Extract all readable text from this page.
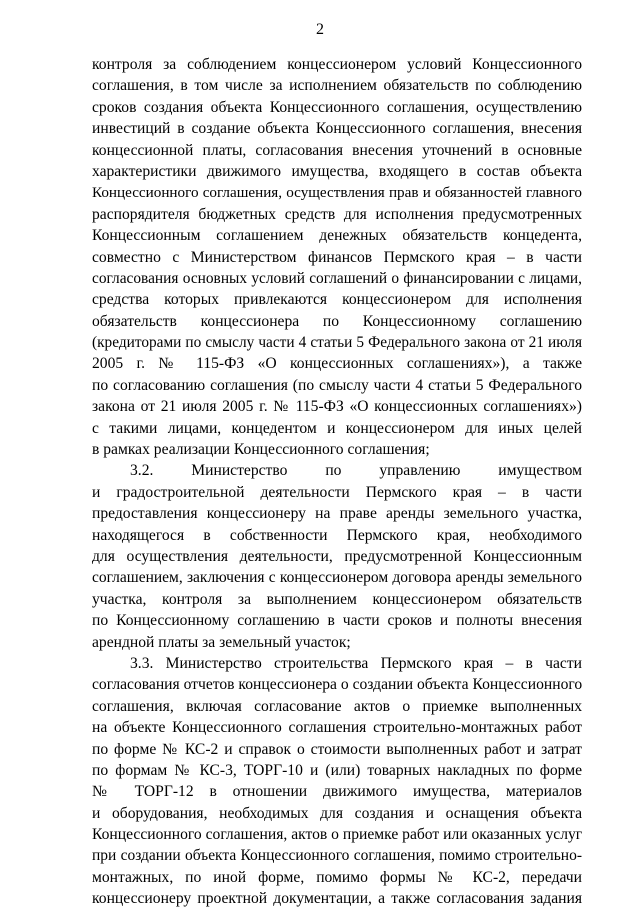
2
контроля за соблюдением концессионером условий Концессионного
соглашения, в том числе за исполнением обязательств по соблюдению
сроков создания объекта Концессионного соглашения, осуществлению
инвестиций в создание объекта Концессионного соглашения, внесения
концессионной платы, согласования внесения уточнений в основные
характеристики движимого имущества, входящего в состав объекта
Концессионного соглашения, осуществления прав и обязанностей главного
распорядителя бюджетных средств для исполнения предусмотренных
Концессионным соглашением денежных обязательств концедента,
совместно с Министерством финансов Пермского края – в части
согласования основных условий соглашений о финансировании с лицами,
средства которых привлекаются концессионером для исполнения
обязательств концессионера по Концессионному соглашению
(кредиторами по смыслу части 4 статьи 5 Федерального закона от 21 июля
2005 г. № 115-ФЗ «О концессионных соглашениях»), а также
по согласованию соглашения (по смыслу части 4 статьи 5 Федерального
закона от 21 июля 2005 г. № 115-ФЗ «О концессионных соглашениях»)
с такими лицами, концедентом и концессионером для иных целей
в рамках реализации Концессионного соглашения;
3.2. Министерство по управлению имуществом
и градостроительной деятельности Пермского края – в части
предоставления концессионеру на праве аренды земельного участка,
находящегося в собственности Пермского края, необходимого
для осуществления деятельности, предусмотренной Концессионным
соглашением, заключения с концессионером договора аренды земельного
участка, контроля за выполнением концессионером обязательств
по Концессионному соглашению в части сроков и полноты внесения
арендной платы за земельный участок;
3.3. Министерство строительства Пермского края – в части
согласования отчетов концессионера о создании объекта Концессионного
соглашения, включая согласование актов о приемке выполненных
на объекте Концессионного соглашения строительно-монтажных работ
по форме № КС-2 и справок о стоимости выполненных работ и затрат
по формам № КС-3, ТОРГ-10 и (или) товарных накладных по форме
№ ТОРГ-12 в отношении движимого имущества, материалов
и оборудования, необходимых для создания и оснащения объекта
Концессионного соглашения, актов о приемке работ или оказанных услуг
при создании объекта Концессионного соглашения, помимо строительно-
монтажных, по иной форме, помимо формы № КС-2, передачи
концессионеру проектной документации, а также согласования задания
